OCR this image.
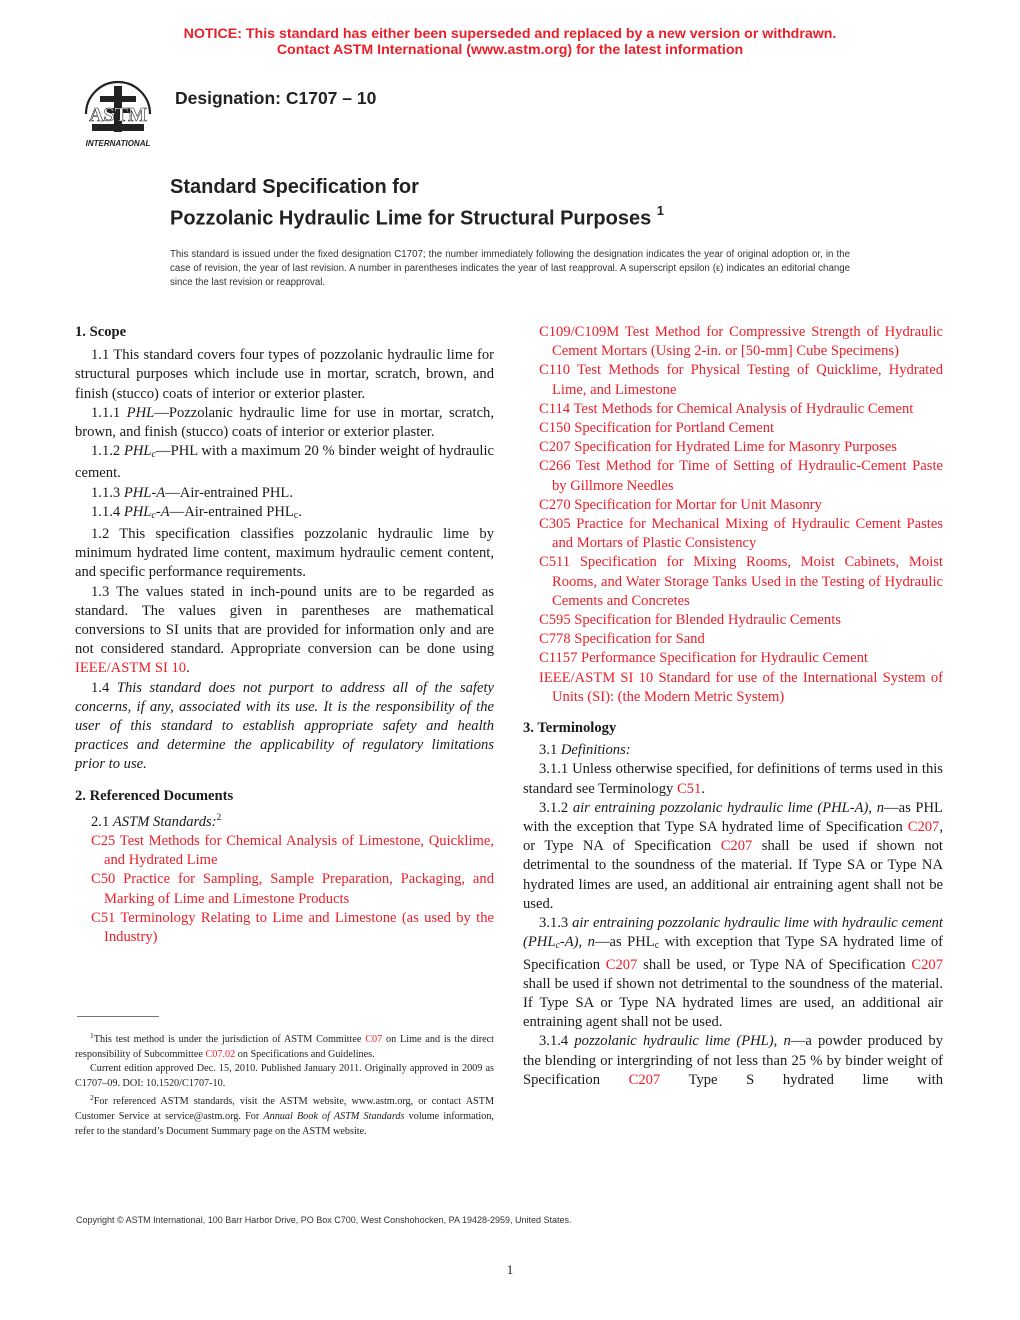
NOTICE: This standard has either been superseded and replaced by a new version or withdrawn.
Contact ASTM International (www.astm.org) for the latest information
ASTM
INTERNATIONAL
Designation: C1707 – 10
Standard Specification for
Pozzolanic Hydraulic Lime for Structural Purposes $^1$
This standard is issued under the fixed designation C1707; the number immediately following the designation indicates the year of original adoption or, in the case of revision, the year of last revision. A number in parentheses indicates the year of last reapproval. A superscript epsilon (ε) indicates an editorial change since the last revision or reapproval.

1. Scope

1.1 This standard covers four types of pozzolanic hydraulic lime for structural purposes which include use in mortar, scratch, brown, and finish (stucco) coats of interior or exterior plaster.

1.1.1 PHL—Pozzolanic hydraulic lime for use in mortar, scratch, brown, and finish (stucco) coats of interior or exterior plaster.

1.1.2 $PHL_c—PHL$ with a maximum 20 % binder weight of hydraulic cement.

1.1.3 PHL-A—Air-entrained PHL.

1.1.4 $PHL_c-A—Air$-entrained $PHL_c$.

1.2 This specification classifies pozzolanic hydraulic lime by minimum hydrated lime content, maximum hydraulic cement content, and specific performance requirements.

1.3 The values stated in inch-pound units are to be regarded as standard. The values given in parentheses are mathematical conversions to SI units that are provided for information only and are not considered standard. Appropriate conversion can be done using IEEE/ASTM SI 10.

1.4 This standard does not purport to address all of the safety concerns, if any, associated with its use. It is the responsibility of the user of this standard to establish appropriate safety and health practices and determine the applicability of regulatory limitations prior to use.

2. Referenced Documents

2.1 ASTM Standards:$^2$

C25 Test Methods for Chemical Analysis of Limestone, Quicklime, and Hydrated Lime

C50 Practice for Sampling, Sample Preparation, Packaging, and Marking of Lime and Limestone Products

C51 Terminology Relating to Lime and Limestone (as used by the Industry)

$^1$This test method is under the jurisdiction of ASTM Committee C07 on Lime and is the direct responsibility of Subcommittee C07.02 on Specifications and Guidelines.

Current edition approved Dec. 15, 2010. Published January 2011. Originally approved in 2009 as C1707–09. DOI: 10.1520/C1707-10.

$^2$For referenced ASTM standards, visit the ASTM website, www.astm.org, or contact ASTM Customer Service at service@astm.org. For Annual Book of ASTM Standards volume information, refer to the standard’s Document Summary page on the ASTM website.

C109/C109M Test Method for Compressive Strength of Hydraulic Cement Mortars (Using 2-in. or [50-mm] Cube Specimens)

C110 Test Methods for Physical Testing of Quicklime, Hydrated Lime, and Limestone

C114 Test Methods for Chemical Analysis of Hydraulic Cement

C150 Specification for Portland Cement

C207 Specification for Hydrated Lime for Masonry Purposes

C266 Test Method for Time of Setting of Hydraulic-Cement Paste by Gillmore Needles

C270 Specification for Mortar for Unit Masonry

C305 Practice for Mechanical Mixing of Hydraulic Cement Pastes and Mortars of Plastic Consistency

C511 Specification for Mixing Rooms, Moist Cabinets, Moist Rooms, and Water Storage Tanks Used in the Testing of Hydraulic Cements and Concretes

C595 Specification for Blended Hydraulic Cements

C778 Specification for Sand

C1157 Performance Specification for Hydraulic Cement

IEEE/ASTM SI 10 Standard for use of the International System of Units (SI): (the Modern Metric System)

3. Terminology

3.1 Definitions:

3.1.1 Unless otherwise specified, for definitions of terms used in this standard see Terminology C51.

3.1.2 air entraining pozzolanic hydraulic lime (PHL-A), n—as PHL with the exception that Type SA hydrated lime of Specification C207, or Type NA of Specification C207 shall be used if shown not detrimental to the soundness of the material. If Type SA or Type NA hydrated limes are used, an additional air entraining agent shall not be used.

3.1.3 air entraining pozzolanic hydraulic lime with hydraulic cement $(PHL_c-A)$, n—as $PHL_c$ with exception that Type SA hydrated lime of Specification C207 shall be used, or Type NA of Specification C207 shall be used if shown not detrimental to the soundness of the material. If Type SA or Type NA hydrated limes are used, an additional air entraining agent shall not be used.

3.1.4 pozzolanic hydraulic lime (PHL), n—a powder produced by the blending or intergrinding of not less than 25 % by binder weight of Specification C207 Type S hydrated lime with

Copyright © ASTM International, 100 Barr Harbor Drive, PO Box C700, West Conshohocken, PA 19428-2959, United States.
1
